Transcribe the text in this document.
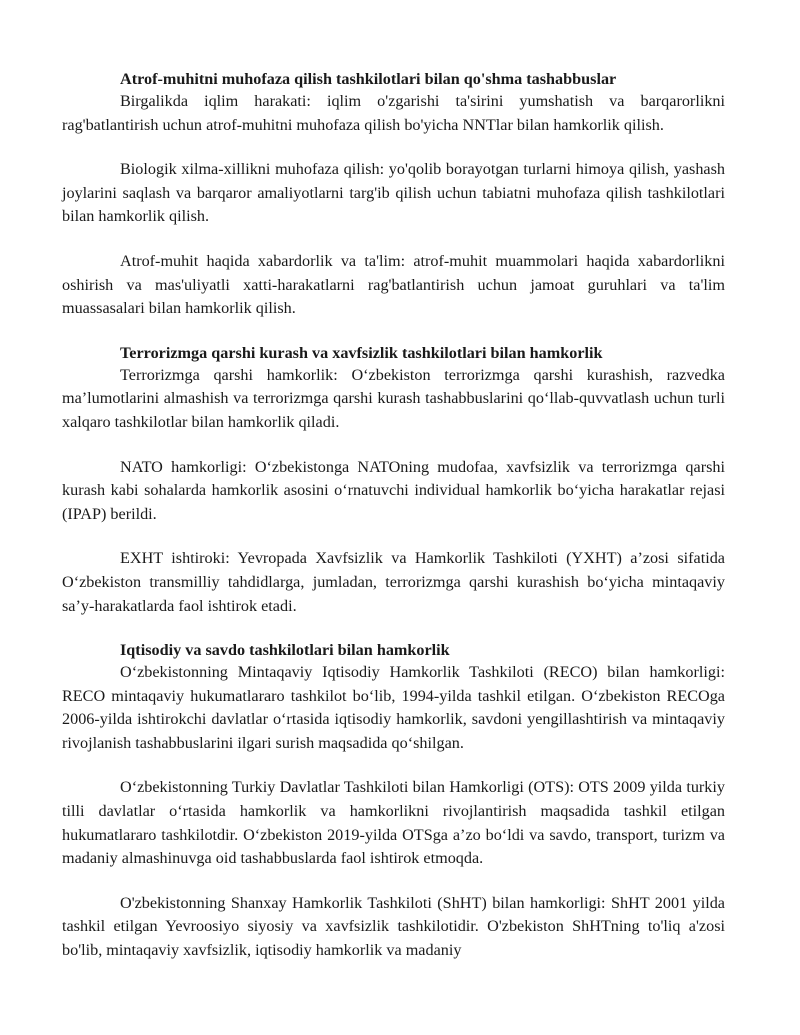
Atrof-muhitni muhofaza qilish tashkilotlari bilan qo'shma tashabbuslar

Birgalikda iqlim harakati: iqlim o'zgarishi ta'sirini yumshatish va barqarorlikni rag'batlantirish uchun atrof-muhitni muhofaza qilish bo'yicha NNTlar bilan hamkorlik qilish.

Biologik xilma-xillikni muhofaza qilish: yo'qolib borayotgan turlarni himoya qilish, yashash joylarini saqlash va barqaror amaliyotlarni targ'ib qilish uchun tabiatni muhofaza qilish tashkilotlari bilan hamkorlik qilish.

Atrof-muhit haqida xabardorlik va ta'lim: atrof-muhit muammolari haqida xabardorlikni oshirish va mas'uliyatli xatti-harakatlarni rag'batlantirish uchun jamoat guruhlari va ta'lim muassasalari bilan hamkorlik qilish.

Terrorizmga qarshi kurash va xavfsizlik tashkilotlari bilan hamkorlik

Terrorizmga qarshi hamkorlik: O‘zbekiston terrorizmga qarshi kurashish, razvedka ma’lumotlarini almashish va terrorizmga qarshi kurash tashabbuslarini qo‘llab-quvvatlash uchun turli xalqaro tashkilotlar bilan hamkorlik qiladi.

NATO hamkorligi: O‘zbekistonga NATOning mudofaa, xavfsizlik va terrorizmga qarshi kurash kabi sohalarda hamkorlik asosini o‘rnatuvchi individual hamkorlik bo‘yicha harakatlar rejasi (IPAP) berildi.

EXHT ishtiroki: Yevropada Xavfsizlik va Hamkorlik Tashkiloti (YXHT) a’zosi sifatida O‘zbekiston transmilliy tahdidlarga, jumladan, terrorizmga qarshi kurashish bo‘yicha mintaqaviy sa’y-harakatlarda faol ishtirok etadi.

Iqtisodiy va savdo tashkilotlari bilan hamkorlik

O‘zbekistonning Mintaqaviy Iqtisodiy Hamkorlik Tashkiloti (RECO) bilan hamkorligi: RECO mintaqaviy hukumatlararo tashkilot bo‘lib, 1994-yilda tashkil etilgan. O‘zbekiston RECOga 2006-yilda ishtirokchi davlatlar o‘rtasida iqtisodiy hamkorlik, savdoni yengillashtirish va mintaqaviy rivojlanish tashabbuslarini ilgari surish maqsadida qo‘shilgan.

O‘zbekistonning Turkiy Davlatlar Tashkiloti bilan Hamkorligi (OTS): OTS 2009 yilda turkiy tilli davlatlar o‘rtasida hamkorlik va hamkorlikni rivojlantirish maqsadida tashkil etilgan hukumatlararo tashkilotdir. O‘zbekiston 2019-yilda OTSga a’zo bo‘ldi va savdo, transport, turizm va madaniy almashinuvga oid tashabbuslarda faol ishtirok etmoqda.

O'zbekistonning Shanxay Hamkorlik Tashkiloti (ShHT) bilan hamkorligi: ShHT 2001 yilda tashkil etilgan Yevroosiyo siyosiy va xavfsizlik tashkilotidir. O'zbekiston ShHTning to'liq a'zosi bo'lib, mintaqaviy xavfsizlik, iqtisodiy hamkorlik va madaniy
